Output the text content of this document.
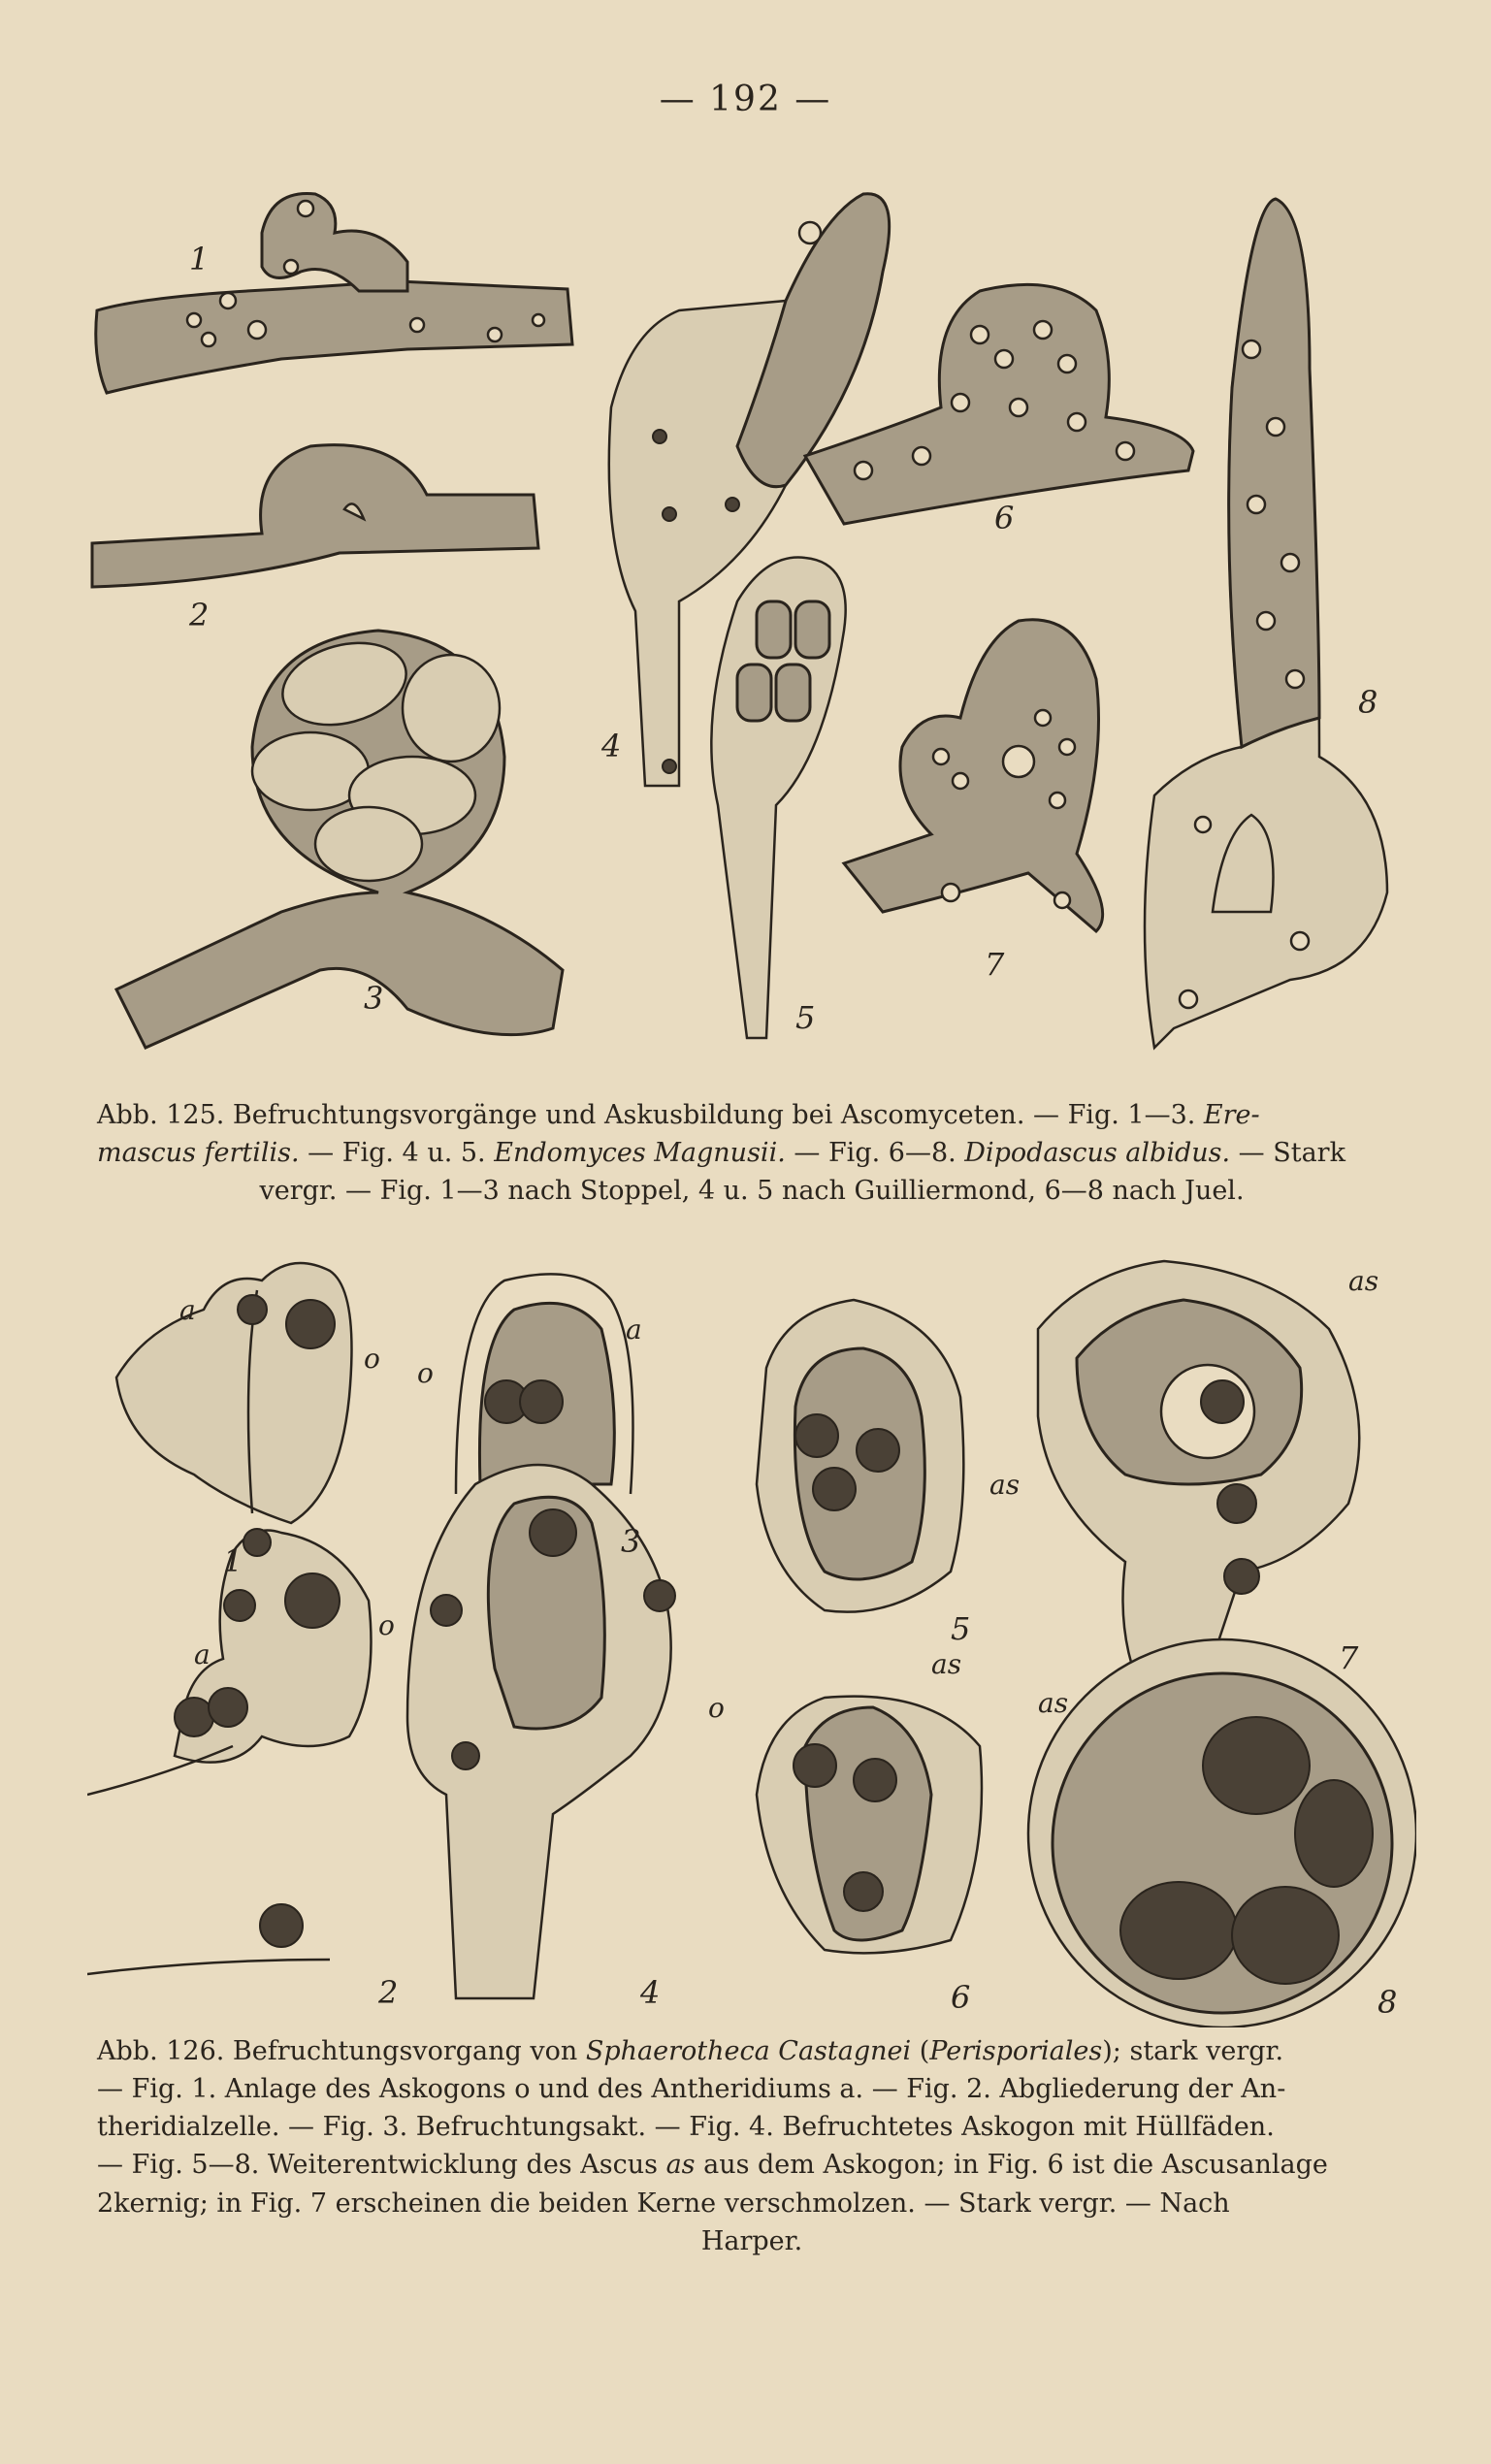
— 192 —
1
2
3
4
5
6
7
8
Abb. 125. Befruchtungsvorgänge und Askusbildung bei Ascomyceten. — Fig. 1—3. Ere-
mascus fertilis. — Fig. 4 u. 5. Endomyces Magnusii. — Fig. 6—8. Dipodascus albidus. — Stark
vergr. — Fig. 1—3 nach Stoppel, 4 u. 5 nach Guilliermond, 6—8 nach Juel.
a
o
a
o
a
o
o
as
as
as
as
1
2
3
4
5
6
7
8
Abb. 126. Befruchtungsvorgang von Sphaerotheca Castagnei (Perisporiales); stark vergr.
— Fig. 1. Anlage des Askogons o und des Antheridiums a. — Fig. 2. Abgliederung der An-
theridialzelle. — Fig. 3. Befruchtungsakt. — Fig. 4. Befruchtetes Askogon mit Hüllfäden.
— Fig. 5—8. Weiterentwicklung des Ascus as aus dem Askogon; in Fig. 6 ist die Ascusanlage
2kernig; in Fig. 7 erscheinen die beiden Kerne verschmolzen. — Stark vergr. — Nach
Harper.
